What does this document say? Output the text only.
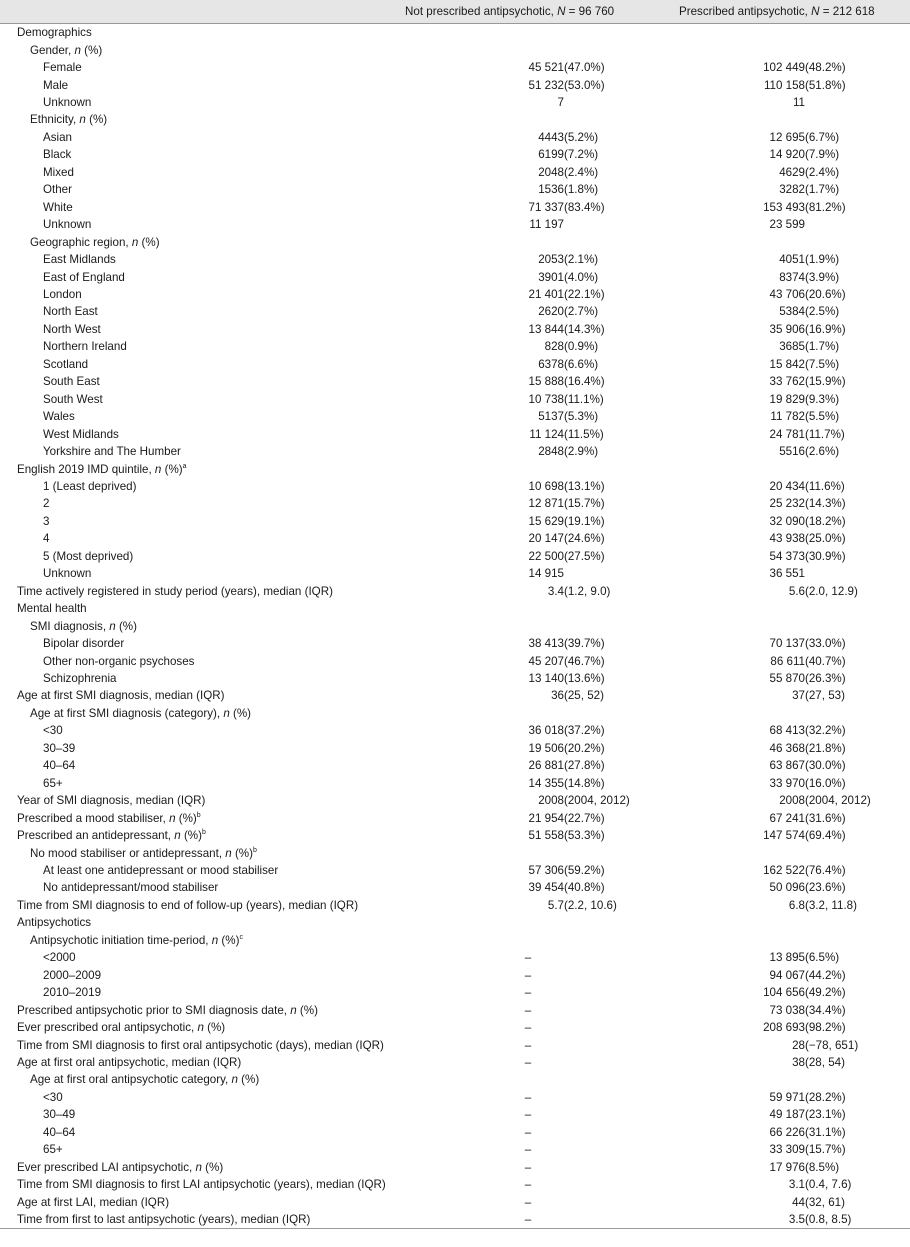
	Not prescribed antipsychotic, N = 96 760	Prescribed antipsychotic, N = 212 618
Demographics		
Gender, n (%)		
Female	45 521(47.0%)	102 449(48.2%)
Male	51 232(53.0%)	110 158(51.8%)
Unknown	7	11
Ethnicity, n (%)		
Asian	4443(5.2%)	12 695(6.7%)
Black	6199(7.2%)	14 920(7.9%)
Mixed	2048(2.4%)	4629(2.4%)
Other	1536(1.8%)	3282(1.7%)
White	71 337(83.4%)	153 493(81.2%)
Unknown	11 197	23 599
Geographic region, n (%)		
East Midlands	2053(2.1%)	4051(1.9%)
East of England	3901(4.0%)	8374(3.9%)
London	21 401(22.1%)	43 706(20.6%)
North East	2620(2.7%)	5384(2.5%)
North West	13 844(14.3%)	35 906(16.9%)
Northern Ireland	828(0.9%)	3685(1.7%)
Scotland	6378(6.6%)	15 842(7.5%)
South East	15 888(16.4%)	33 762(15.9%)
South West	10 738(11.1%)	19 829(9.3%)
Wales	5137(5.3%)	11 782(5.5%)
West Midlands	11 124(11.5%)	24 781(11.7%)
Yorkshire and The Humber	2848(2.9%)	5516(2.6%)
English 2019 IMD quintile, n (%)$^a$		
1 (Least deprived)	10 698(13.1%)	20 434(11.6%)
2	12 871(15.7%)	25 232(14.3%)
3	15 629(19.1%)	32 090(18.2%)
4	20 147(24.6%)	43 938(25.0%)
5 (Most deprived)	22 500(27.5%)	54 373(30.9%)
Unknown	14 915	36 551
Time actively registered in study period (years), median (IQR)	3.4(1.2, 9.0)	5.6(2.0, 12.9)
Mental health		
SMI diagnosis, n (%)		
Bipolar disorder	38 413(39.7%)	70 137(33.0%)
Other non-organic psychoses	45 207(46.7%)	86 611(40.7%)
Schizophrenia	13 140(13.6%)	55 870(26.3%)
Age at first SMI diagnosis, median (IQR)	36(25, 52)	37(27, 53)
Age at first SMI diagnosis (category), n (%)		
<30	36 018(37.2%)	68 413(32.2%)
30–39	19 506(20.2%)	46 368(21.8%)
40–64	26 881(27.8%)	63 867(30.0%)
65+	14 355(14.8%)	33 970(16.0%)
Year of SMI diagnosis, median (IQR)	2008(2004, 2012)	2008(2004, 2012)
Prescribed a mood stabiliser, n (%)$^b$	21 954(22.7%)	67 241(31.6%)
Prescribed an antidepressant, n (%)$^b$	51 558(53.3%)	147 574(69.4%)
No mood stabiliser or antidepressant, n (%)$^b$		
At least one antidepressant or mood stabiliser	57 306(59.2%)	162 522(76.4%)
No antidepressant/mood stabiliser	39 454(40.8%)	50 096(23.6%)
Time from SMI diagnosis to end of follow-up (years), median (IQR)	5.7(2.2, 10.6)	6.8(3.2, 11.8)
Antipsychotics		
Antipsychotic initiation time-period, n (%)$^c$		
<2000	–	13 895(6.5%)
2000–2009	–	94 067(44.2%)
2010–2019	–	104 656(49.2%)
Prescribed antipsychotic prior to SMI diagnosis date, n (%)	–	73 038(34.4%)
Ever prescribed oral antipsychotic, n (%)	–	208 693(98.2%)
Time from SMI diagnosis to first oral antipsychotic (days), median (IQR)	–	28(−78, 651)
Age at first oral antipsychotic, median (IQR)	–	38(28, 54)
Age at first oral antipsychotic category, n (%)		
<30	–	59 971(28.2%)
30–49	–	49 187(23.1%)
40–64	–	66 226(31.1%)
65+	–	33 309(15.7%)
Ever prescribed LAI antipsychotic, n (%)	–	17 976(8.5%)
Time from SMI diagnosis to first LAI antipsychotic (years), median (IQR)	–	3.1(0.4, 7.6)
Age at first LAI, median (IQR)	–	44(32, 61)
Time from first to last antipsychotic (years), median (IQR)	–	3.5(0.8, 8.5)
